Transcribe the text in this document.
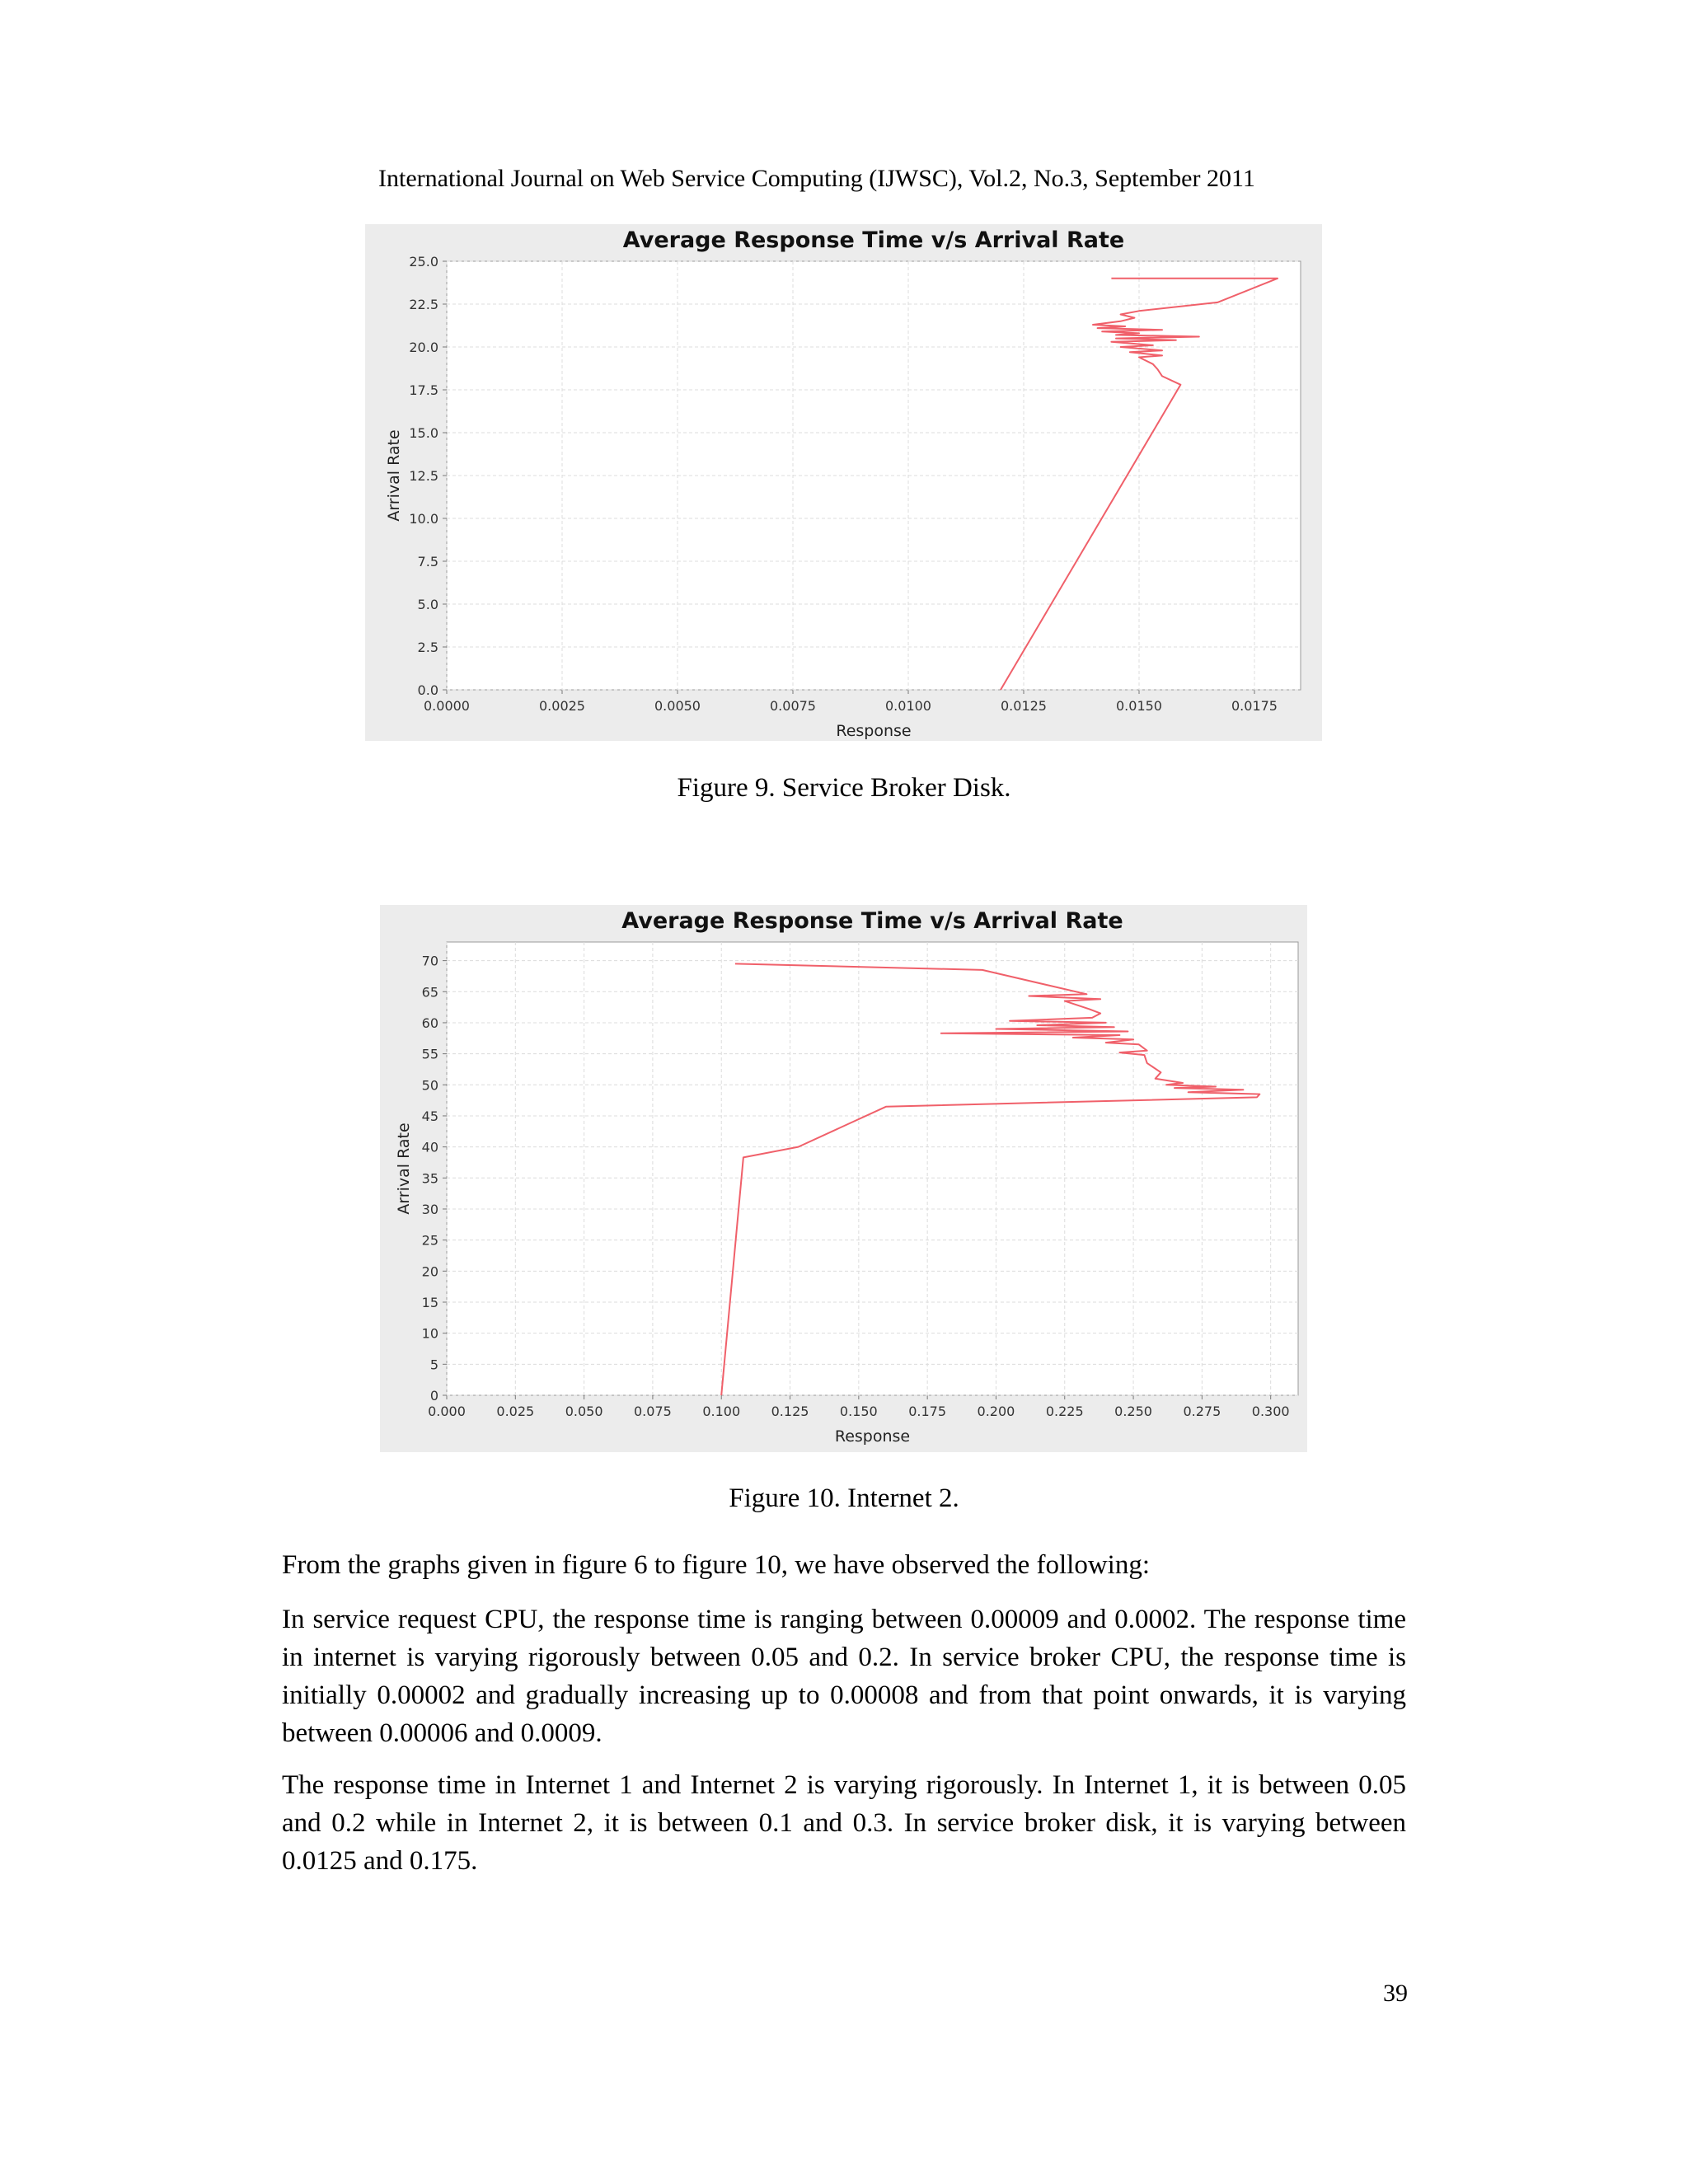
International Journal on Web Service Computing (IJWSC), Vol.2, No.3, September 2011
Average Response Time v/s Arrival Rate
0.0000	0.0025	0.0050	0.0075	0.0100	0.0125	0.0150	0.0175
0.0
2.5
5.0
7.5
10.0
12.5
15.0
17.5
20.0
22.5
25.0
Response
Arrival Rate
Figure 9. Service Broker Disk.
Average Response Time v/s Arrival Rate
0.000 0.025 0.050 0.075 0.100 0.125 0.150 0.175 0.200 0.225 0.250 0.275 0.300
0
5
10
15
20
25
30
35
40
45
50
55
60
65
70
Response
Arrival Rate
Figure 10. Internet 2.
From the graphs given in figure 6 to figure 10, we have observed the following:
In service request CPU, the response time is ranging between 0.00009 and 0.0002. The response time in internet is varying rigorously between 0.05 and 0.2. In service broker CPU, the response time is initially 0.00002 and gradually increasing up to 0.00008 and from that point onwards, it is varying between 0.00006 and 0.0009.
The response time in Internet 1 and Internet 2 is varying rigorously. In Internet 1, it is between 0.05 and 0.2 while in Internet 2, it is between 0.1 and 0.3. In service broker disk, it is varying between 0.0125 and 0.175.
39
